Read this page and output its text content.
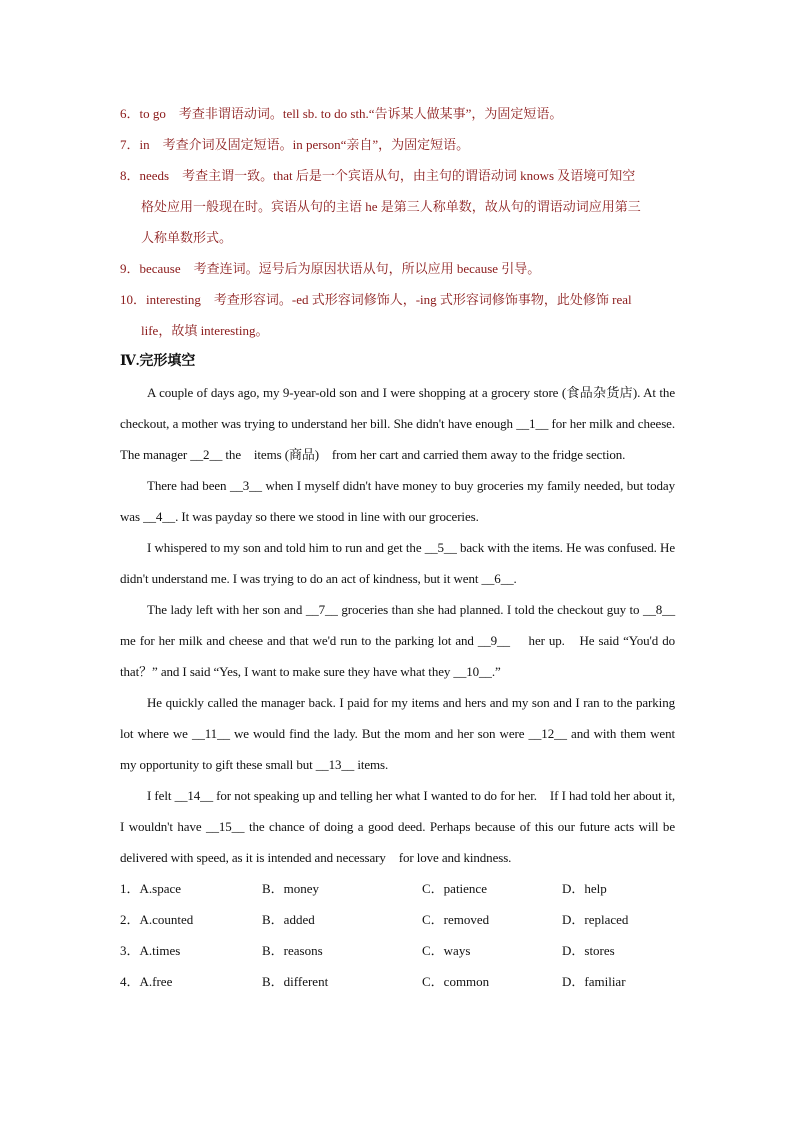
6．to go　考查非谓语动词。tell sb. to do sth.“告诉某人做某事”，为固定短语。

7．in　考查介词及固定短语。in person“亲自”，为固定短语。

8．needs　考查主谓一致。that 后是一个宾语从句，由主句的谓语动词 knows 及语境可知空
格处应用一般现在时。宾语从句的主语 he 是第三人称单数，故从句的谓语动词应用第三
人称单数形式。

9．because　考查连词。逗号后为原因状语从句，所以应用 because 引导。

10．interesting　考查形容词。-ed 式形容词修饰人，-ing 式形容词修饰事物，此处修饰 real
life，故填 interesting。

Ⅳ.完形填空

A couple of days ago, my 9-year-old son and I were shopping at a grocery store (食品杂货店). At the checkout, a mother was trying to understand her bill. She didn't have enough __1__ for her milk and cheese. The manager __2__ the　items (商品)　from her cart and carried them away to the fridge section.

There had been __3__ when I myself didn't have money to buy groceries my family needed, but today was __4__. It was payday so there we stood in line with our groceries.

I whispered to my son and told him to run and get the __5__ back with the items. He was confused. He didn't understand me. I was trying to do an act of kindness, but it went __6__.

The lady left with her son and __7__ groceries than she had planned. I told the checkout guy to __8__ me for her milk and cheese and that we'd run to the parking lot and __9__　 her up.　He said “You'd do that？” and I said “Yes, I want to make sure they have what they __10__.”

He quickly called the manager back. I paid for my items and hers and my son and I ran to the parking lot where we __11__ we would find the lady. But the mom and her son were __12__ and with them went my opportunity to gift these small but __13__ items.

I felt __14__ for not speaking up and telling her what I wanted to do for her.　If I had told her about it, I wouldn't have __15__ the chance of doing a good deed. Perhaps because of this our future acts will be delivered with speed, as it is intended and necessary　for love and kindness.

1．A.space	B．money	C．patience	D．help
2．A.counted	B．added	C．removed	D．replaced
3．A.times	B．reasons	C．ways	D．stores
4．A.free	B．different	C．common	D．familiar
